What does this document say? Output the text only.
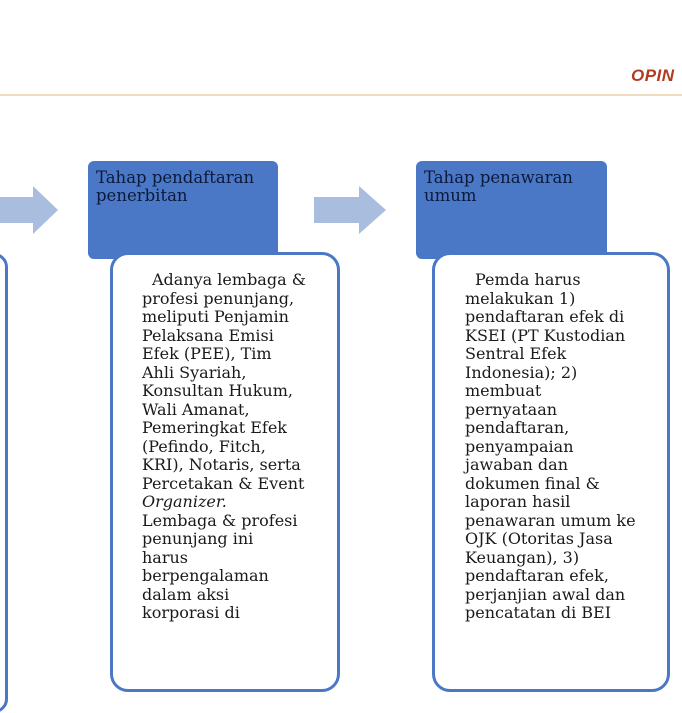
OPIN
Tahap pendaftaran penerbitan
Adanya lembaga &
profesi penunjang,
meliputi Penjamin
Pelaksana Emisi
Efek (PEE), Tim
Ahli Syariah,
Konsultan Hukum,
Wali Amanat,
Pemeringkat Efek
(Pefindo, Fitch,
KRI), Notaris, serta
Percetakan & Event
Organizer.
Lembaga & profesi
penunjang ini
harus
berpengalaman
dalam aksi
korporasi di
Tahap penawaran umum
Pemda harus
melakukan 1)
pendaftaran efek di
KSEI (PT Kustodian
Sentral Efek
Indonesia); 2)
membuat
pernyataan
pendaftaran,
penyampaian
jawaban dan
dokumen final &
laporan hasil
penawaran umum ke
OJK (Otoritas Jasa
Keuangan), 3)
pendaftaran efek,
perjanjian awal dan
pencatatan di BEI
